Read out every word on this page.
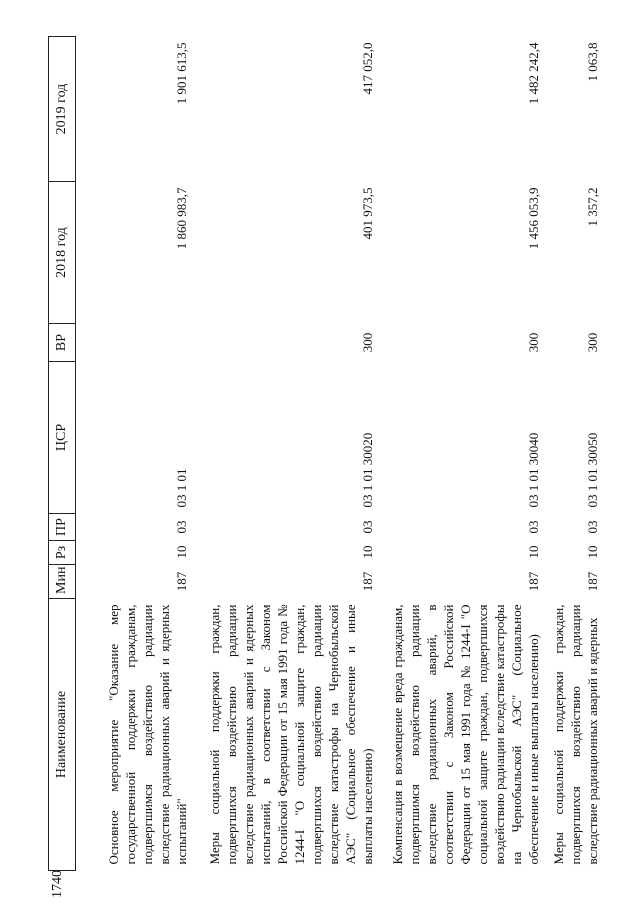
1740
Наименование	Мин	Рз	ПР	ЦСР	ВР	2018 год	2019 год
Основное мероприятие "Оказание мер государственной поддержки гражданам, подвергшимся воздействию радиации вследствие радиационных аварий и ядерных испытаний"	187	10	03	03 1 01		1 860 983,7	1 901 613,5
Меры социальной поддержки граждан, подвергшихся воздействию радиации вследствие радиационных аварий и ядерных испытаний, в соответствии с Законом Российской Федерации от 15 мая 1991 года № 1244-I "О социальной защите граждан, подвергшихся воздействию радиации вследствие катастрофы на Чернобыльской АЭС" (Социальное обеспечение и иные выплаты населению)	187	10	03	03 1 01 30020	300	401 973,5	417 052,0
Компенсация в возмещение вреда гражданам, подвергшимся воздействию радиации вследствие радиационных аварий, в соответствии с Законом Российской Федерации от 15 мая 1991 года № 1244-I "О социальной защите граждан, подвергшихся воздействию радиации вследствие катастрофы на Чернобыльской АЭС" (Социальное обеспечение и иные выплаты населению)	187	10	03	03 1 01 30040	300	1 456 053,9	1 482 242,4
Меры социальной поддержки граждан, подвергшихся воздействию радиации вследствие радиационных аварий и ядерных	187	10	03	03 1 01 30050	300	1 357,2	1 063,8
